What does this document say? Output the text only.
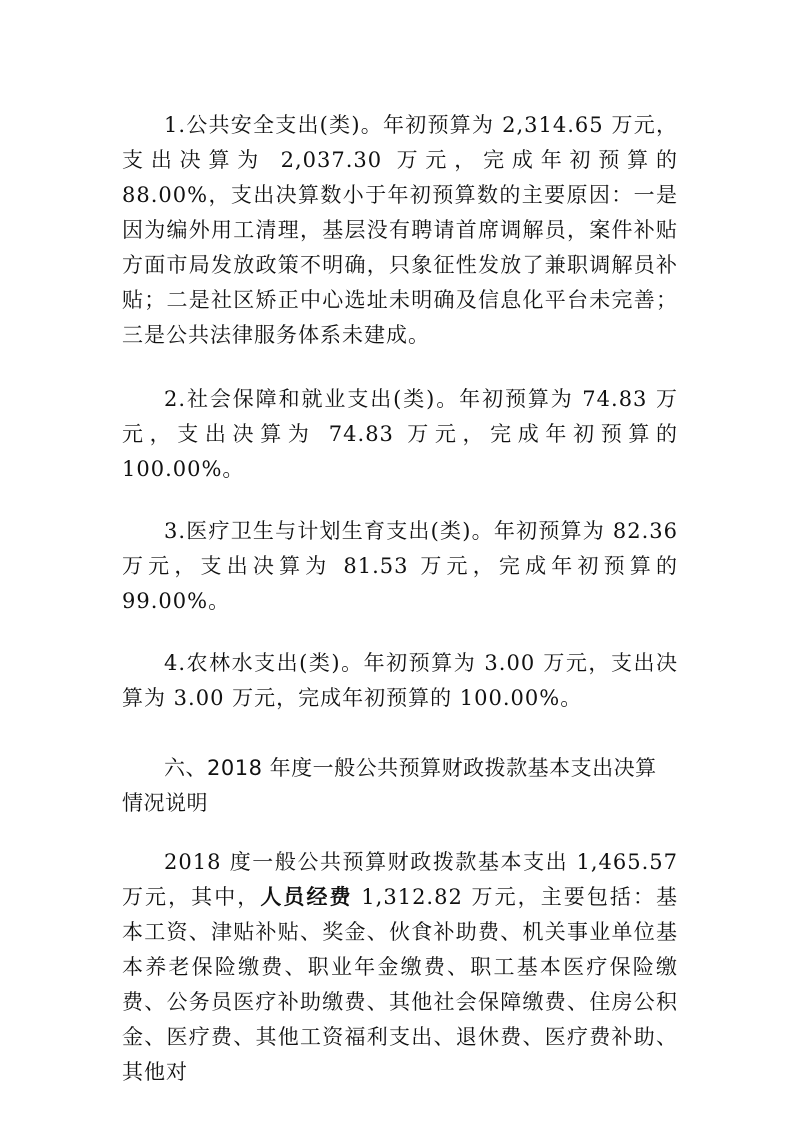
1.公共安全支出(类)。年初预算为 2,314.65 万元，支出决算为 2,037.30 万元，完成年初预算的 88.00%，支出决算数小于年初预算数的主要原因：一是因为编外用工清理，基层没有聘请首席调解员，案件补贴方面市局发放政策不明确，只象征性发放了兼职调解员补贴；二是社区矫正中心选址未明确及信息化平台未完善；三是公共法律服务体系未建成。

2.社会保障和就业支出(类)。年初预算为 74.83 万元，支出决算为 74.83 万元，完成年初预算的 100.00%。

3.医疗卫生与计划生育支出(类)。年初预算为 82.36 万元，支出决算为 81.53 万元，完成年初预算的 99.00%。

4.农林水支出(类)。年初预算为 3.00 万元，支出决算为 3.00 万元，完成年初预算的 100.00%。

六、2018 年度一般公共预算财政拨款基本支出决算情况说明

2018 度一般公共预算财政拨款基本支出 1,465.57 万元，其中，人员经费 1,312.82 万元，主要包括：基本工资、津贴补贴、奖金、伙食补助费、机关事业单位基本养老保险缴费、职业年金缴费、职工基本医疗保险缴费、公务员医疗补助缴费、其他社会保障缴费、住房公积金、医疗费、其他工资福利支出、退休费、医疗费补助、其他对
